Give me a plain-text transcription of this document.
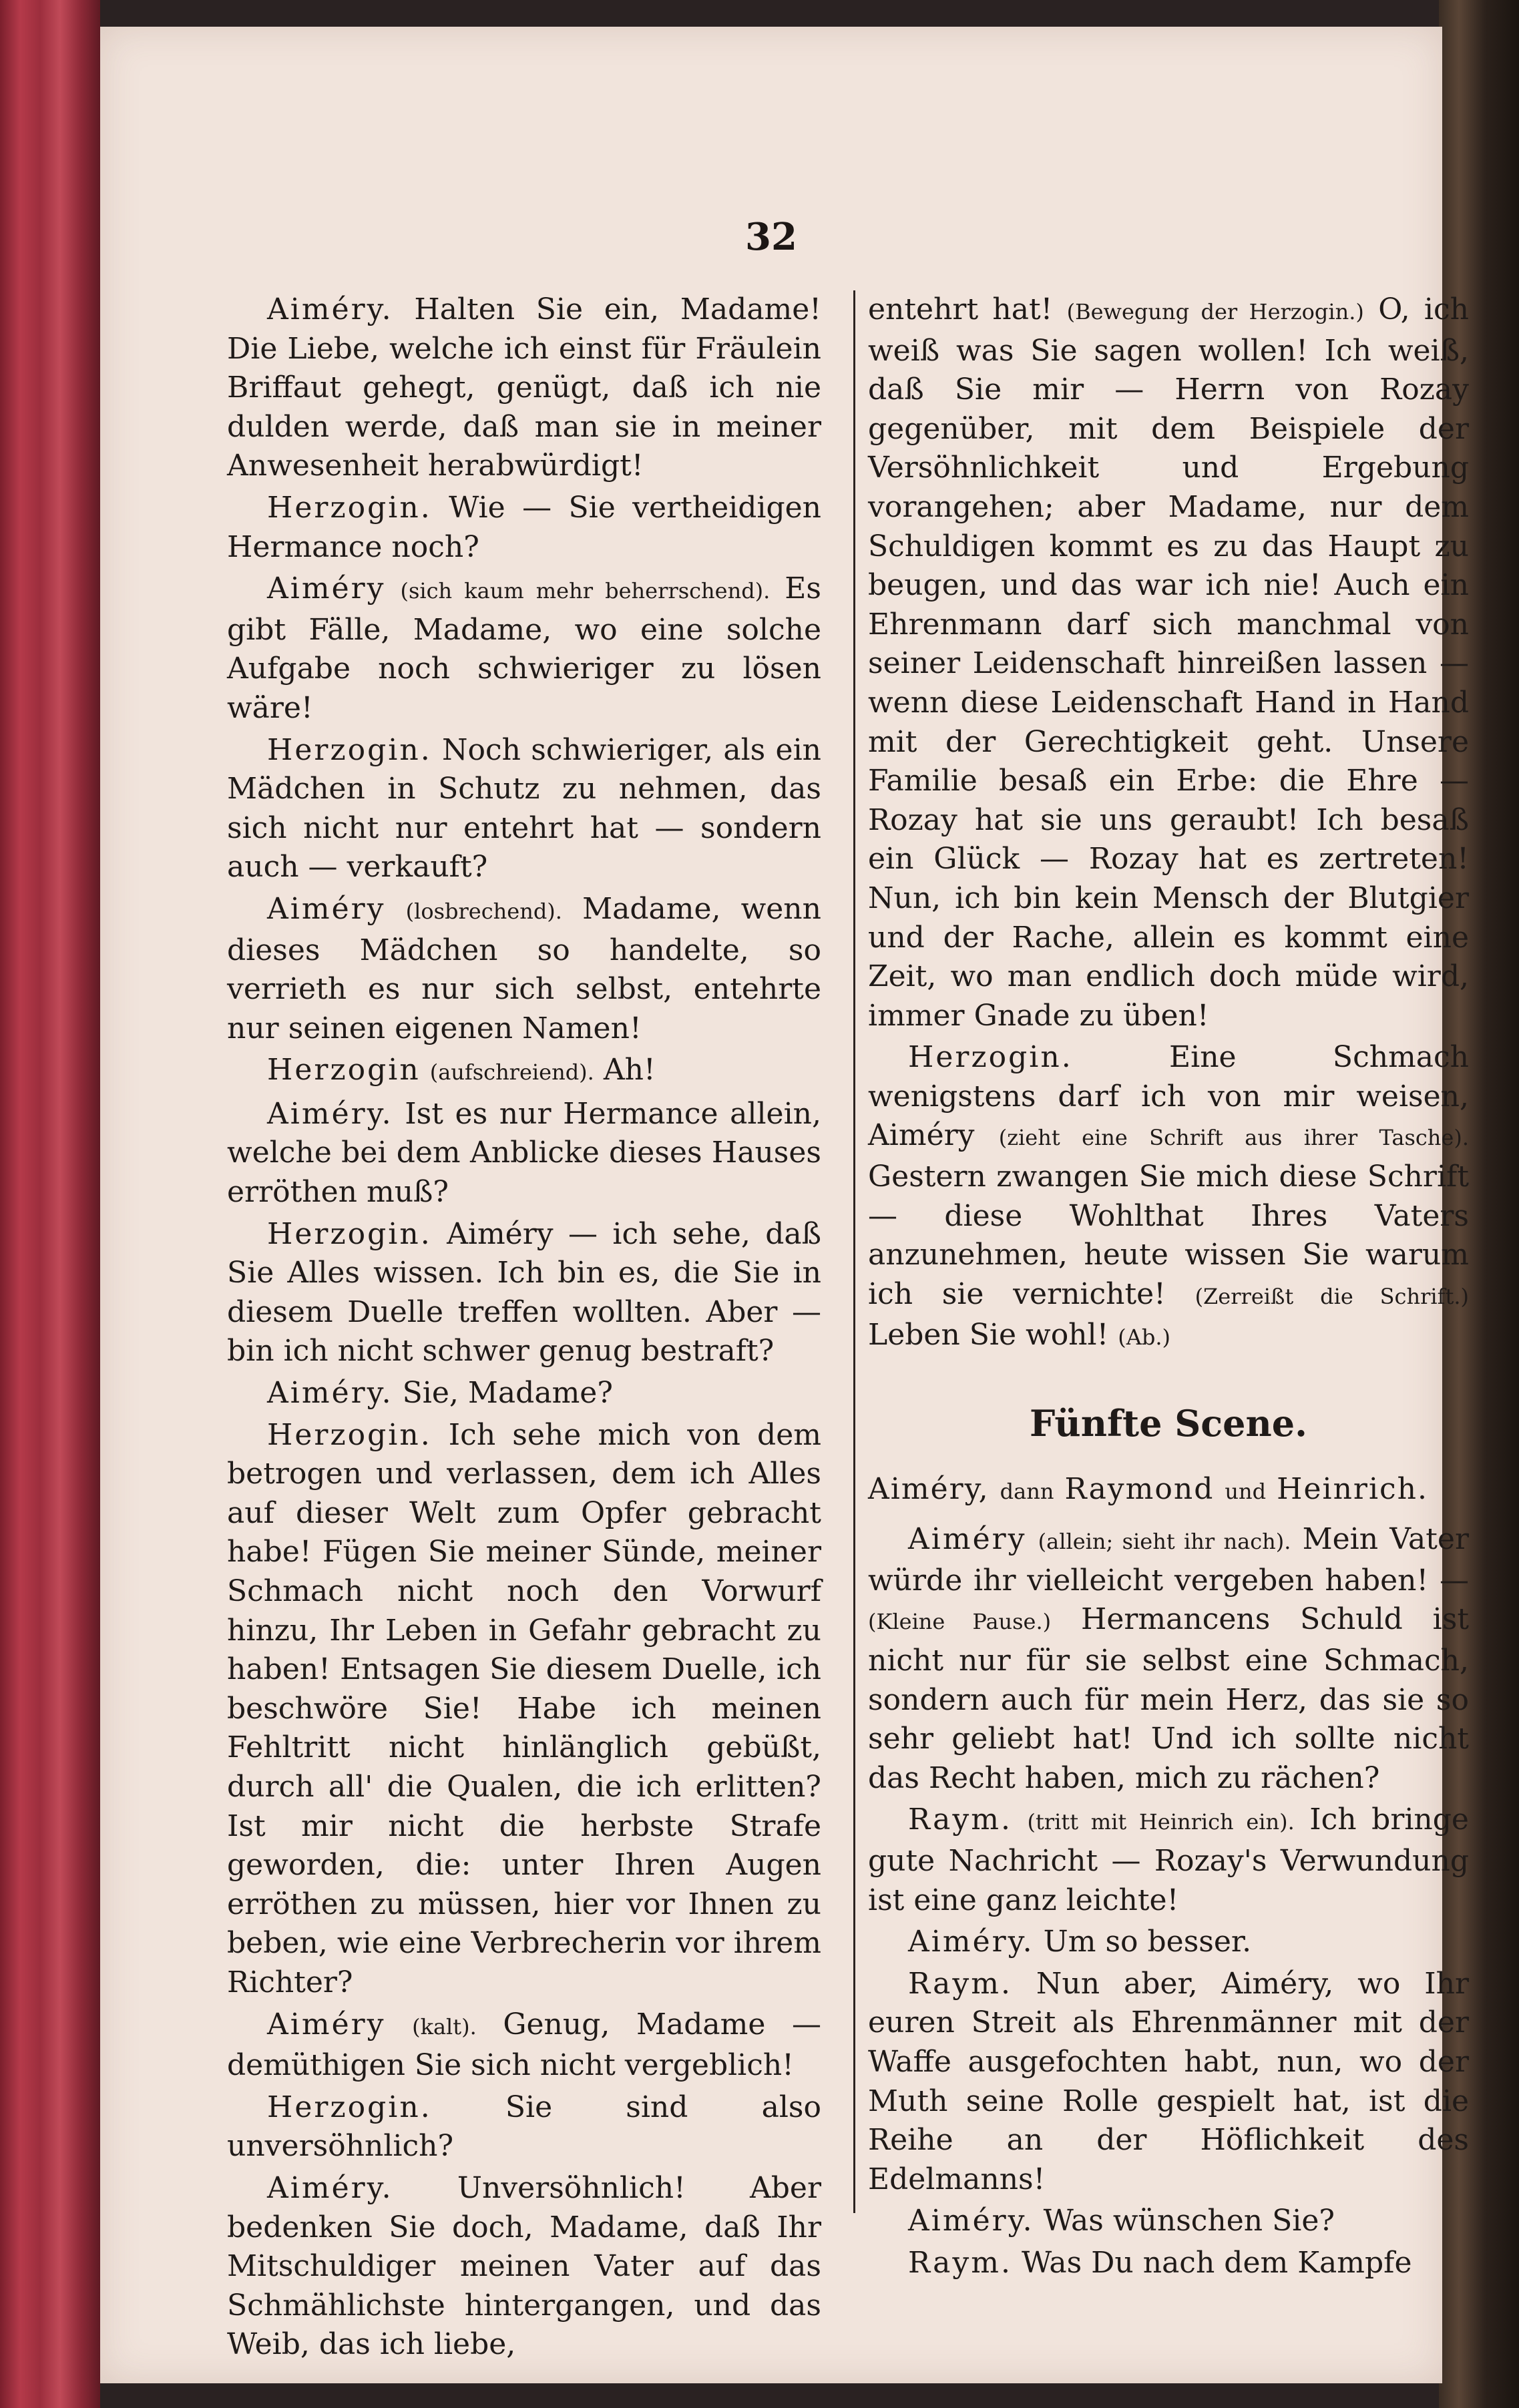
32

Aiméry. Halten Sie ein, Madame! Die Liebe, welche ich einst für Fräulein Briffaut gehegt, genügt, daß ich nie dulden werde, daß man sie in meiner Anwesenheit herabwürdigt!

Herzogin. Wie — Sie vertheidigen Hermance noch?

Aiméry (sich kaum mehr beherrschend). Es gibt Fälle, Madame, wo eine solche Aufgabe noch schwieriger zu lösen wäre!

Herzogin. Noch schwieriger, als ein Mädchen in Schutz zu nehmen, das sich nicht nur entehrt hat — sondern auch — verkauft?

Aiméry (losbrechend). Madame, wenn dieses Mädchen so handelte, so verrieth es nur sich selbst, entehrte nur seinen eigenen Namen!

Herzogin (aufschreiend). Ah!

Aiméry. Ist es nur Hermance allein, welche bei dem Anblicke dieses Hauses erröthen muß?

Herzogin. Aiméry — ich sehe, daß Sie Alles wissen. Ich bin es, die Sie in diesem Duelle treffen wollten. Aber — bin ich nicht schwer genug bestraft?

Aiméry. Sie, Madame?

Herzogin. Ich sehe mich von dem betrogen und verlassen, dem ich Alles auf dieser Welt zum Opfer gebracht habe! Fügen Sie meiner Sünde, meiner Schmach nicht noch den Vorwurf hinzu, Ihr Leben in Gefahr gebracht zu haben! Entsagen Sie diesem Duelle, ich beschwöre Sie! Habe ich meinen Fehltritt nicht hinlänglich gebüßt, durch all' die Qualen, die ich erlitten? Ist mir nicht die herbste Strafe geworden, die: unter Ihren Augen erröthen zu müssen, hier vor Ihnen zu beben, wie eine Verbrecherin vor ihrem Richter?

Aiméry (kalt). Genug, Madame — demüthigen Sie sich nicht vergeblich!

Herzogin.	Sie sind also unversöhnlich?

Aiméry. Unversöhnlich! Aber bedenken Sie doch, Madame, daß Ihr Mitschuldiger meinen Vater auf das Schmählichste hintergangen, und das Weib, das ich liebe,

entehrt hat! (Bewegung der Herzogin.) O, ich weiß was Sie sagen wollen! Ich weiß, daß Sie mir — Herrn von Rozay gegenüber, mit dem Beispiele der Versöhnlichkeit und Ergebung vorangehen; aber Madame, nur dem Schuldigen kommt es zu das Haupt zu beugen, und das war ich nie! Auch ein Ehrenmann darf sich manchmal von seiner Leidenschaft hinreißen lassen — wenn diese Leidenschaft Hand in Hand mit der Gerechtigkeit geht. Unsere Familie besaß ein Erbe: die Ehre — Rozay hat sie uns geraubt! Ich besaß ein Glück — Rozay hat es zertreten! Nun, ich bin kein Mensch der Blutgier und der Rache, allein es kommt eine Zeit, wo man endlich doch müde wird, immer Gnade zu üben!

Herzogin.	Eine Schmach wenigstens darf ich von mir weisen, Aiméry (zieht eine Schrift aus ihrer Tasche). Gestern zwangen Sie mich diese Schrift — diese Wohlthat Ihres Vaters anzunehmen, heute wissen Sie warum ich sie vernichte! (Zerreißt die Schrift.) Leben Sie wohl! (Ab.)

Fünfte Scene.

Aiméry, dann Raymond und Heinrich.

Aiméry (allein; sieht ihr nach). Mein Vater würde ihr vielleicht vergeben haben! — (Kleine Pause.) Hermancens Schuld ist nicht nur für sie selbst eine Schmach, sondern auch für mein Herz, das sie so sehr geliebt hat! Und ich sollte nicht das Recht haben, mich zu rächen?

Raym. (tritt mit Heinrich ein). Ich bringe gute Nachricht — Rozay's Verwundung ist eine ganz leichte!

Aiméry. Um so besser.

Raym. Nun aber, Aiméry, wo Ihr euren Streit als Ehrenmänner mit der Waffe ausgefochten habt, nun, wo der Muth seine Rolle gespielt hat, ist die Reihe an der Höflichkeit des Edelmanns!

Aiméry. Was wünschen Sie?

Raym. Was Du nach dem Kampfe
